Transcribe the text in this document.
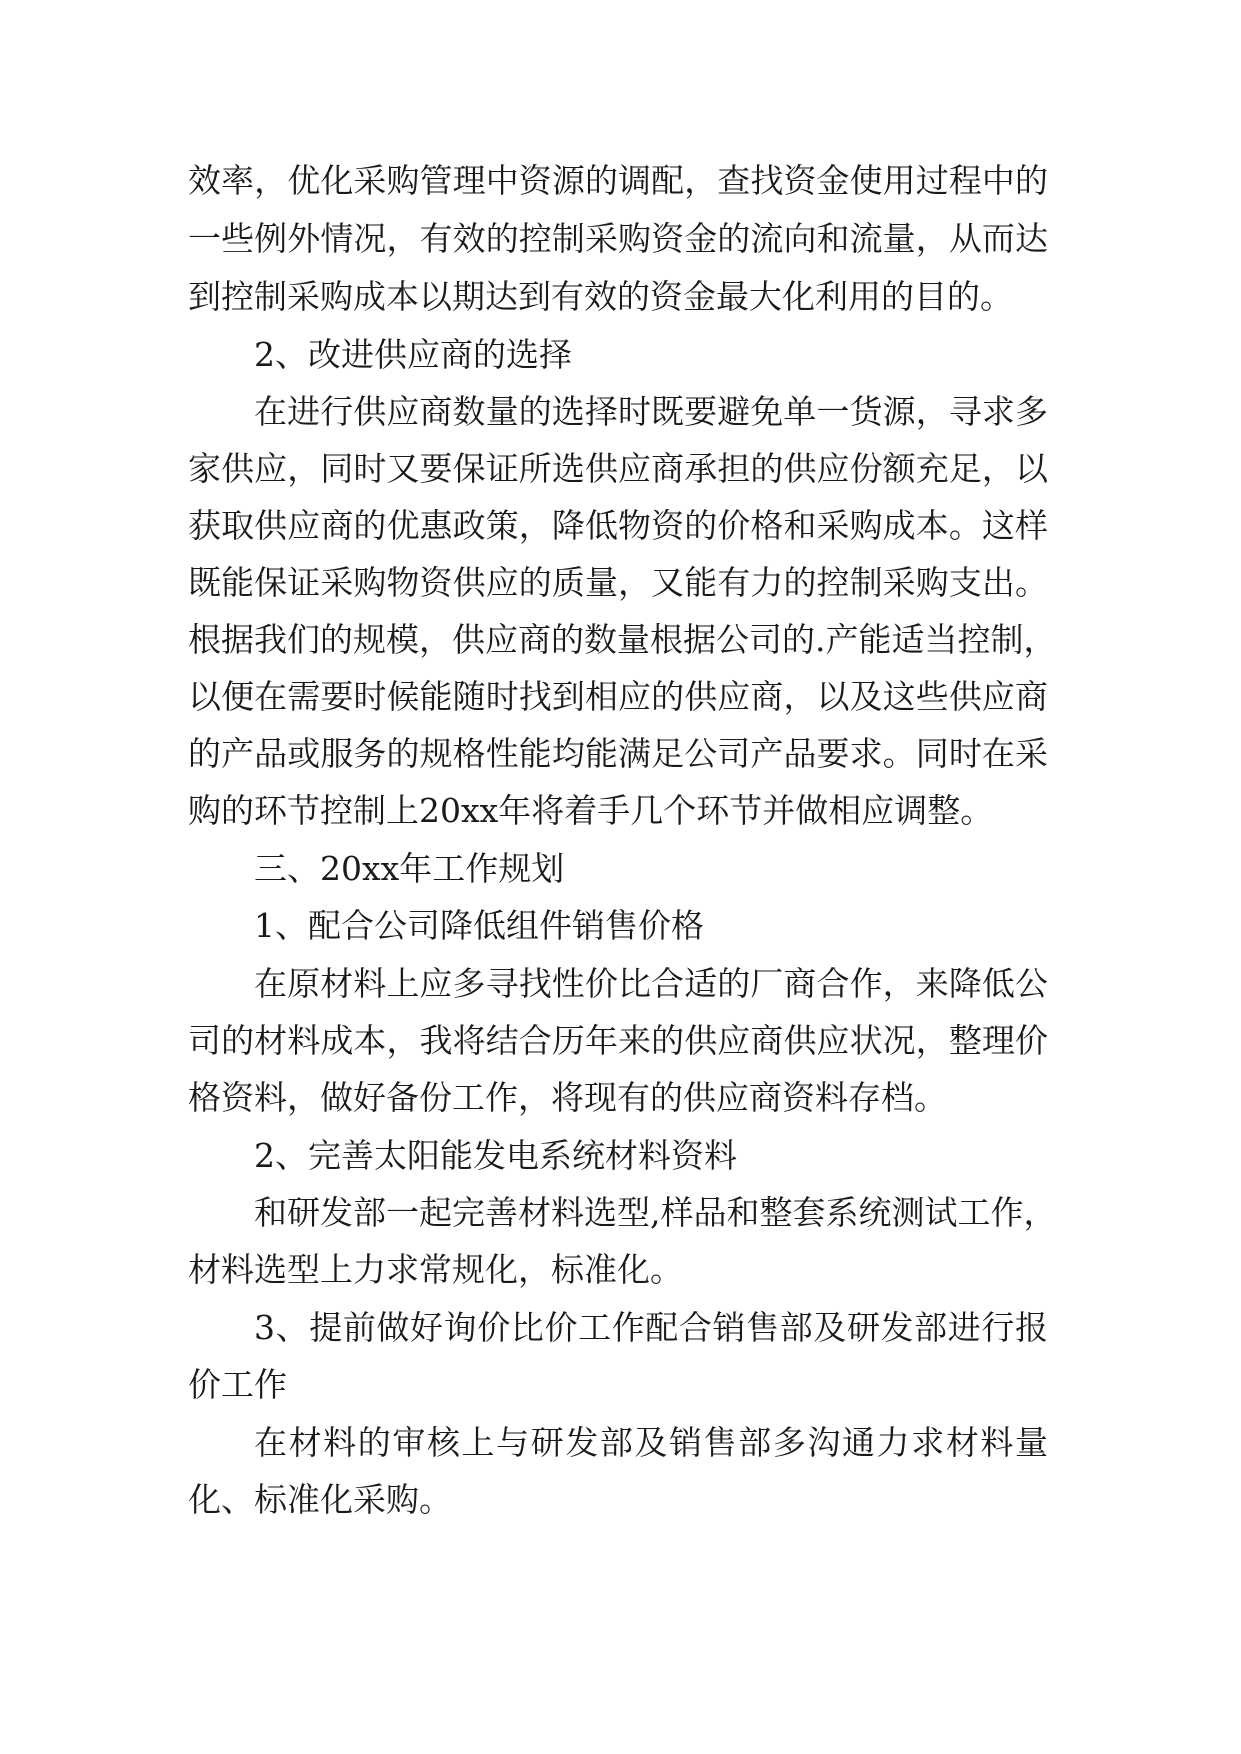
效率，优化采购管理中资源的调配，查找资金使用过程中的
一些例外情况，有效的控制采购资金的流向和流量，从而达
到控制采购成本以期达到有效的资金最大化利用的目的。
2、改进供应商的选择
在进行供应商数量的选择时既要避免单一货源，寻求多
家供应，同时又要保证所选供应商承担的供应份额充足，以
获取供应商的优惠政策，降低物资的价格和采购成本。这样
既能保证采购物资供应的质量，又能有力的控制采购支出。
根据我们的规模，供应商的数量根据公司的.产能适当控制，
以便在需要时候能随时找到相应的供应商，以及这些供应商
的产品或服务的规格性能均能满足公司产品要求。同时在采
购的环节控制上20xx年将着手几个环节并做相应调整。
三、20xx年工作规划
1、配合公司降低组件销售价格
在原材料上应多寻找性价比合适的厂商合作，来降低公
司的材料成本，我将结合历年来的供应商供应状况，整理价
格资料，做好备份工作，将现有的供应商资料存档。
2、完善太阳能发电系统材料资料
和研发部一起完善材料选型,样品和整套系统测试工作，
材料选型上力求常规化，标准化。
3、提前做好询价比价工作配合销售部及研发部进行报
价工作
在材料的审核上与研发部及销售部多沟通力求材料量
化、标准化采购。
